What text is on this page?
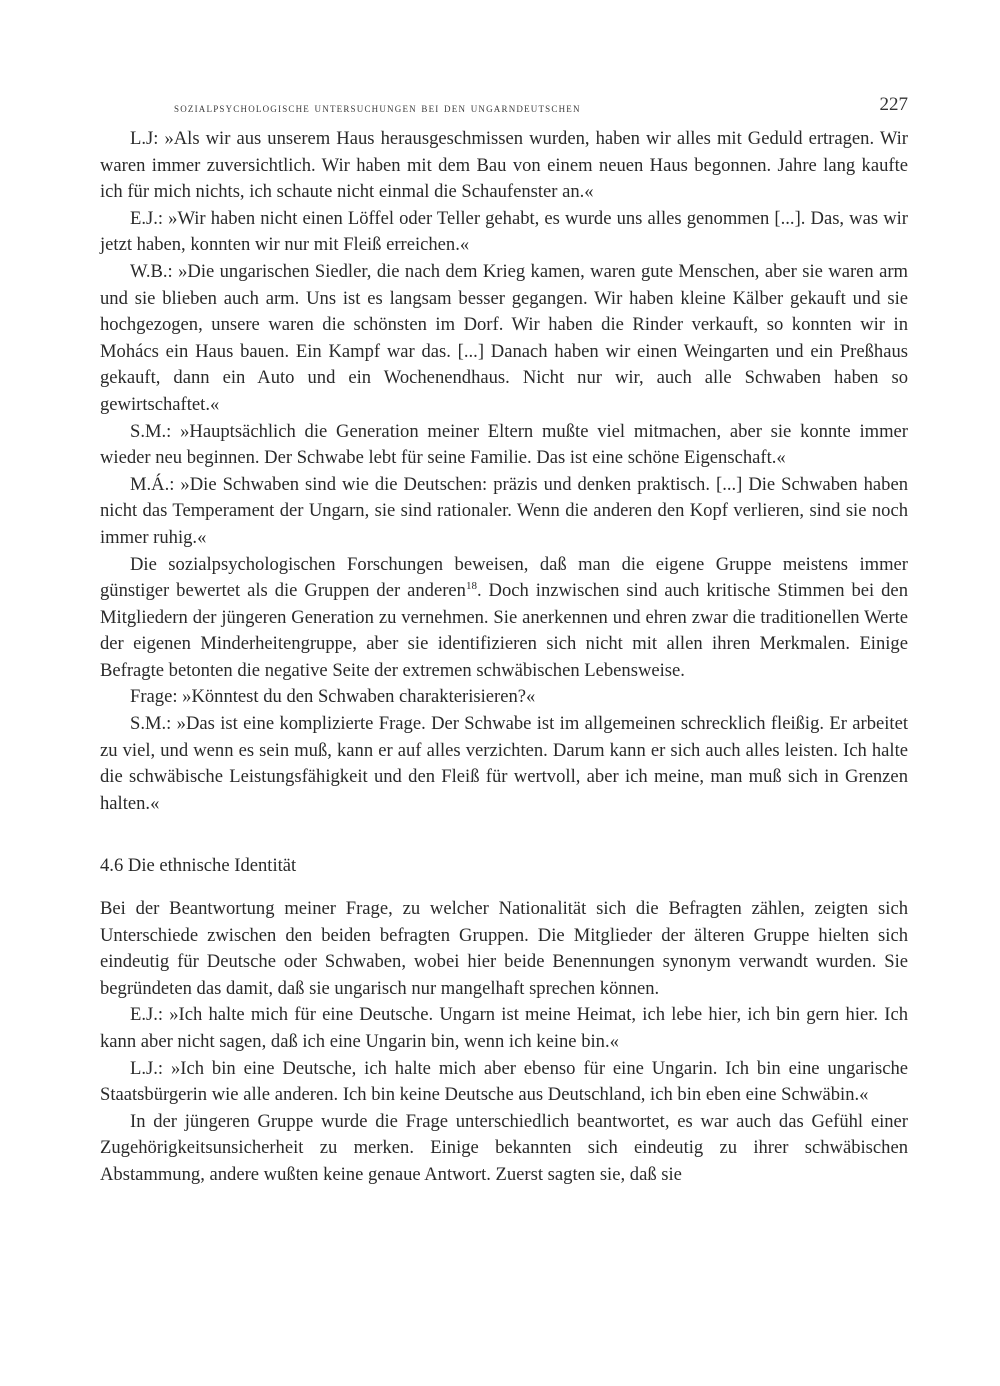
sozialpsychologische untersuchungen bei den ungarndeutschen	227

L.J: »Als wir aus unserem Haus herausgeschmissen wurden, haben wir alles mit Geduld ertragen. Wir waren immer zuversichtlich. Wir haben mit dem Bau von einem neuen Haus begonnen. Jahre lang kaufte ich für mich nichts, ich schaute nicht einmal die Schaufenster an.«

E.J.: »Wir haben nicht einen Löffel oder Teller gehabt, es wurde uns alles genommen [...]. Das, was wir jetzt haben, konnten wir nur mit Fleiß erreichen.«

W.B.: »Die ungarischen Siedler, die nach dem Krieg kamen, waren gute Menschen, aber sie waren arm und sie blieben auch arm. Uns ist es langsam besser gegangen. Wir haben kleine Kälber gekauft und sie hochgezogen, unsere waren die schönsten im Dorf. Wir haben die Rinder verkauft, so konnten wir in Mohács ein Haus bauen. Ein Kampf war das. [...] Danach haben wir einen Weingarten und ein Preßhaus gekauft, dann ein Auto und ein Wochenendhaus. Nicht nur wir, auch alle Schwaben haben so gewirtschaftet.«

S.M.: »Hauptsächlich die Generation meiner Eltern mußte viel mitmachen, aber sie konnte immer wieder neu beginnen. Der Schwabe lebt für seine Familie. Das ist eine schöne Eigenschaft.«

M.Á.: »Die Schwaben sind wie die Deutschen: präzis und denken praktisch. [...] Die Schwaben haben nicht das Temperament der Ungarn, sie sind rationaler. Wenn die anderen den Kopf verlieren, sind sie noch immer ruhig.«

Die sozialpsychologischen Forschungen beweisen, daß man die eigene Gruppe meistens immer günstiger bewertet als die Gruppen der anderen$^{18}$. Doch inzwischen sind auch kritische Stimmen bei den Mitgliedern der jüngeren Generation zu vernehmen. Sie anerkennen und ehren zwar die traditionellen Werte der eigenen Minderheitengruppe, aber sie identifizieren sich nicht mit allen ihren Merkmalen. Einige Befragte betonten die negative Seite der extremen schwäbischen Lebensweise.

Frage: »Könntest du den Schwaben charakterisieren?«

S.M.: »Das ist eine komplizierte Frage. Der Schwabe ist im allgemeinen schrecklich fleißig. Er arbeitet zu viel, und wenn es sein muß, kann er auf alles verzichten. Darum kann er sich auch alles leisten. Ich halte die schwäbische Leistungsfähigkeit und den Fleiß für wertvoll, aber ich meine, man muß sich in Grenzen halten.«

4.6 Die ethnische Identität

Bei der Beantwortung meiner Frage, zu welcher Nationalität sich die Befragten zählen, zeigten sich Unterschiede zwischen den beiden befragten Gruppen. Die Mitglieder der älteren Gruppe hielten sich eindeutig für Deutsche oder Schwaben, wobei hier beide Benennungen synonym verwandt wurden. Sie begründeten das damit, daß sie ungarisch nur mangelhaft sprechen können.

E.J.: »Ich halte mich für eine Deutsche. Ungarn ist meine Heimat, ich lebe hier, ich bin gern hier. Ich kann aber nicht sagen, daß ich eine Ungarin bin, wenn ich keine bin.«

L.J.: »Ich bin eine Deutsche, ich halte mich aber ebenso für eine Ungarin. Ich bin eine ungarische Staatsbürgerin wie alle anderen. Ich bin keine Deutsche aus Deutschland, ich bin eben eine Schwäbin.«

In der jüngeren Gruppe wurde die Frage unterschiedlich beantwortet, es war auch das Gefühl einer Zugehörigkeitsunsicherheit zu merken. Einige bekannten sich eindeutig zu ihrer schwäbischen Abstammung, andere wußten keine genaue Antwort. Zuerst sagten sie, daß sie
